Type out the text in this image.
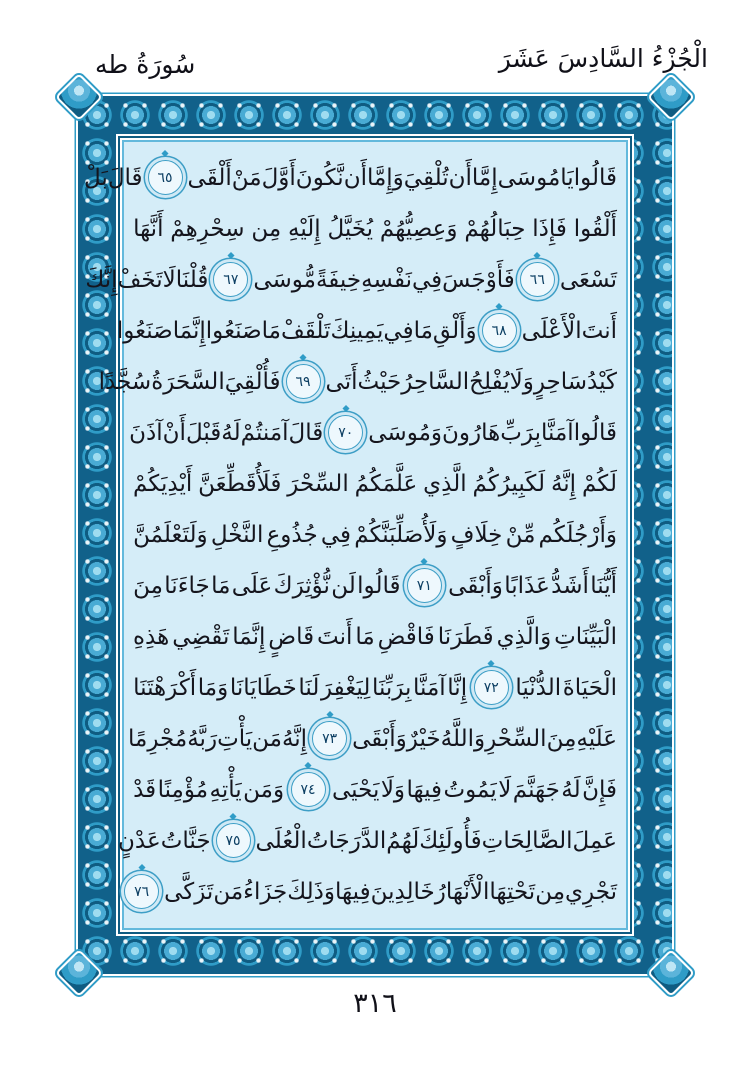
الْجُزْءُ السَّادِسَ عَشَرَ
سُورَةُ طه
قَالُوا
يَا
مُوسَى
إِمَّا
أَن
تُلْقِيَ
وَإِمَّا
أَن
نَّكُونَ
أَوَّلَ
مَنْ
أَلْقَى
٦٥
قَالَ
بَلْ
أَلْقُوا
فَإِذَا
حِبَالُهُمْ
وَعِصِيُّهُمْ
يُخَيَّلُ
إِلَيْهِ
مِن
سِحْرِهِمْ
أَنَّهَا
تَسْعَى
٦٦
فَأَوْجَسَ
فِي
نَفْسِهِ
خِيفَةً
مُّوسَى
٦٧
قُلْنَا
لَا
تَخَفْ
إِنَّكَ
أَنتَ
الْأَعْلَى
٦٨
وَأَلْقِ
مَا
فِي
يَمِينِكَ
تَلْقَفْ
مَا
صَنَعُوا
إِنَّمَا
صَنَعُوا
كَيْدُ
سَاحِرٍ
وَلَا
يُفْلِحُ
السَّاحِرُ
حَيْثُ
أَتَى
٦٩
فَأُلْقِيَ
السَّحَرَةُ
سُجَّدًا
قَالُوا
آمَنَّا
بِرَبِّ
هَارُونَ
وَمُوسَى
٧٠
قَالَ
آمَنتُمْ
لَهُ
قَبْلَ
أَنْ
آذَنَ
لَكُمْ
إِنَّهُ
لَكَبِيرُكُمُ
الَّذِي
عَلَّمَكُمُ
السِّحْرَ
فَلَأُقَطِّعَنَّ
أَيْدِيَكُمْ
وَأَرْجُلَكُم
مِّنْ
خِلَافٍ
وَلَأُصَلِّبَنَّكُمْ
فِي
جُذُوعِ
النَّخْلِ
وَلَتَعْلَمُنَّ
أَيُّنَا
أَشَدُّ
عَذَابًا
وَأَبْقَى
٧١
قَالُوا
لَن
نُّؤْثِرَكَ
عَلَى
مَا
جَاءَنَا
مِنَ
الْبَيِّنَاتِ
وَالَّذِي
فَطَرَنَا
فَاقْضِ
مَا
أَنتَ
قَاضٍ
إِنَّمَا
تَقْضِي
هَذِهِ
الْحَيَاةَ
الدُّنْيَا
٧٢
إِنَّا
آمَنَّا
بِرَبِّنَا
لِيَغْفِرَ
لَنَا
خَطَايَانَا
وَمَا
أَكْرَهْتَنَا
عَلَيْهِ
مِنَ
السِّحْرِ
وَاللَّهُ
خَيْرٌ
وَأَبْقَى
٧٣
إِنَّهُ
مَن
يَأْتِ
رَبَّهُ
مُجْرِمًا
فَإِنَّ
لَهُ
جَهَنَّمَ
لَا
يَمُوتُ
فِيهَا
وَلَا
يَحْيَى
٧٤
وَمَن
يَأْتِهِ
مُؤْمِنًا
قَدْ
عَمِلَ
الصَّالِحَاتِ
فَأُولَئِكَ
لَهُمُ
الدَّرَجَاتُ
الْعُلَى
٧٥
جَنَّاتُ
عَدْنٍ
تَجْرِي
مِن
تَحْتِهَا
الْأَنْهَارُ
خَالِدِينَ
فِيهَا
وَذَلِكَ
جَزَاءُ
مَن
تَزَكَّى
٧٦
٣١٦
